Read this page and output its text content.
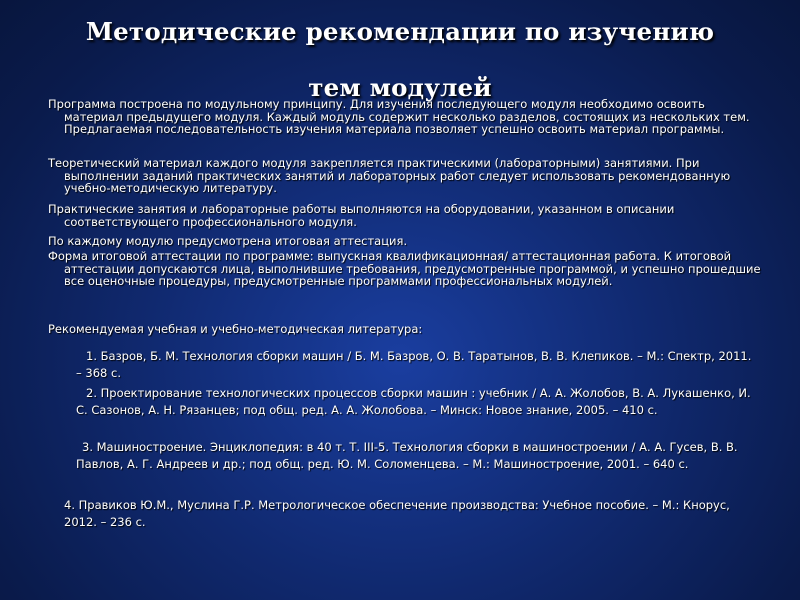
Методические рекомендации по изучению
тем модулей

Программа построена по модульному принципу. Для изучения последующего модуля необходимо освоить материал предыдущего модуля. Каждый модуль содержит несколько разделов, состоящих из нескольких тем. Предлагаемая последовательность изучения материала позволяет успешно освоить материал программы.

Теоретический материал каждого модуля закрепляется практическими (лабораторными) занятиями. При выполнении заданий практических занятий и лабораторных работ следует использовать рекомендованную учебно-методическую литературу.

Практические занятия и лабораторные работы выполняются на оборудовании, указанном в описании соответствующего профессионального модуля.

По каждому модулю предусмотрена итоговая аттестация.

Форма итоговой аттестации по программе: выпускная квалификационная/ аттестационная работа. К итоговой аттестации допускаются лица, выполнившие требования, предусмотренные программой, и успешно прошедшие все оценочные процедуры, предусмотренные программами профессиональных модулей.

Рекомендуемая учебная и учебно-методическая литература:

1. Базров, Б. М. Технология сборки машин / Б. М. Базров, О. В. Таратынов, В. В. Клепиков. – М.: Спектр, 2011. – 368 с.

2. Проектирование технологических процессов сборки машин : учебник / А. А. Жолобов, В. А. Лукашенко, И. С. Сазонов, А. Н. Рязанцев; под общ. ред. А. А. Жолобова. – Минск: Новое знание, 2005. – 410 с.

3. Машиностроение. Энциклопедия: в 40 т. Т. III-5. Технология сборки в машиностроении / А. А. Гусев, В. В. Павлов, А. Г. Андреев и др.; под общ. ред. Ю. М. Соломенцева. – М.: Машиностроение, 2001. – 640 с.

4. Правиков Ю.М., Муслина Г.Р. Метрологическое обеспечение производства: Учебное пособие. – М.: Кнорус, 2012. – 236 с.
